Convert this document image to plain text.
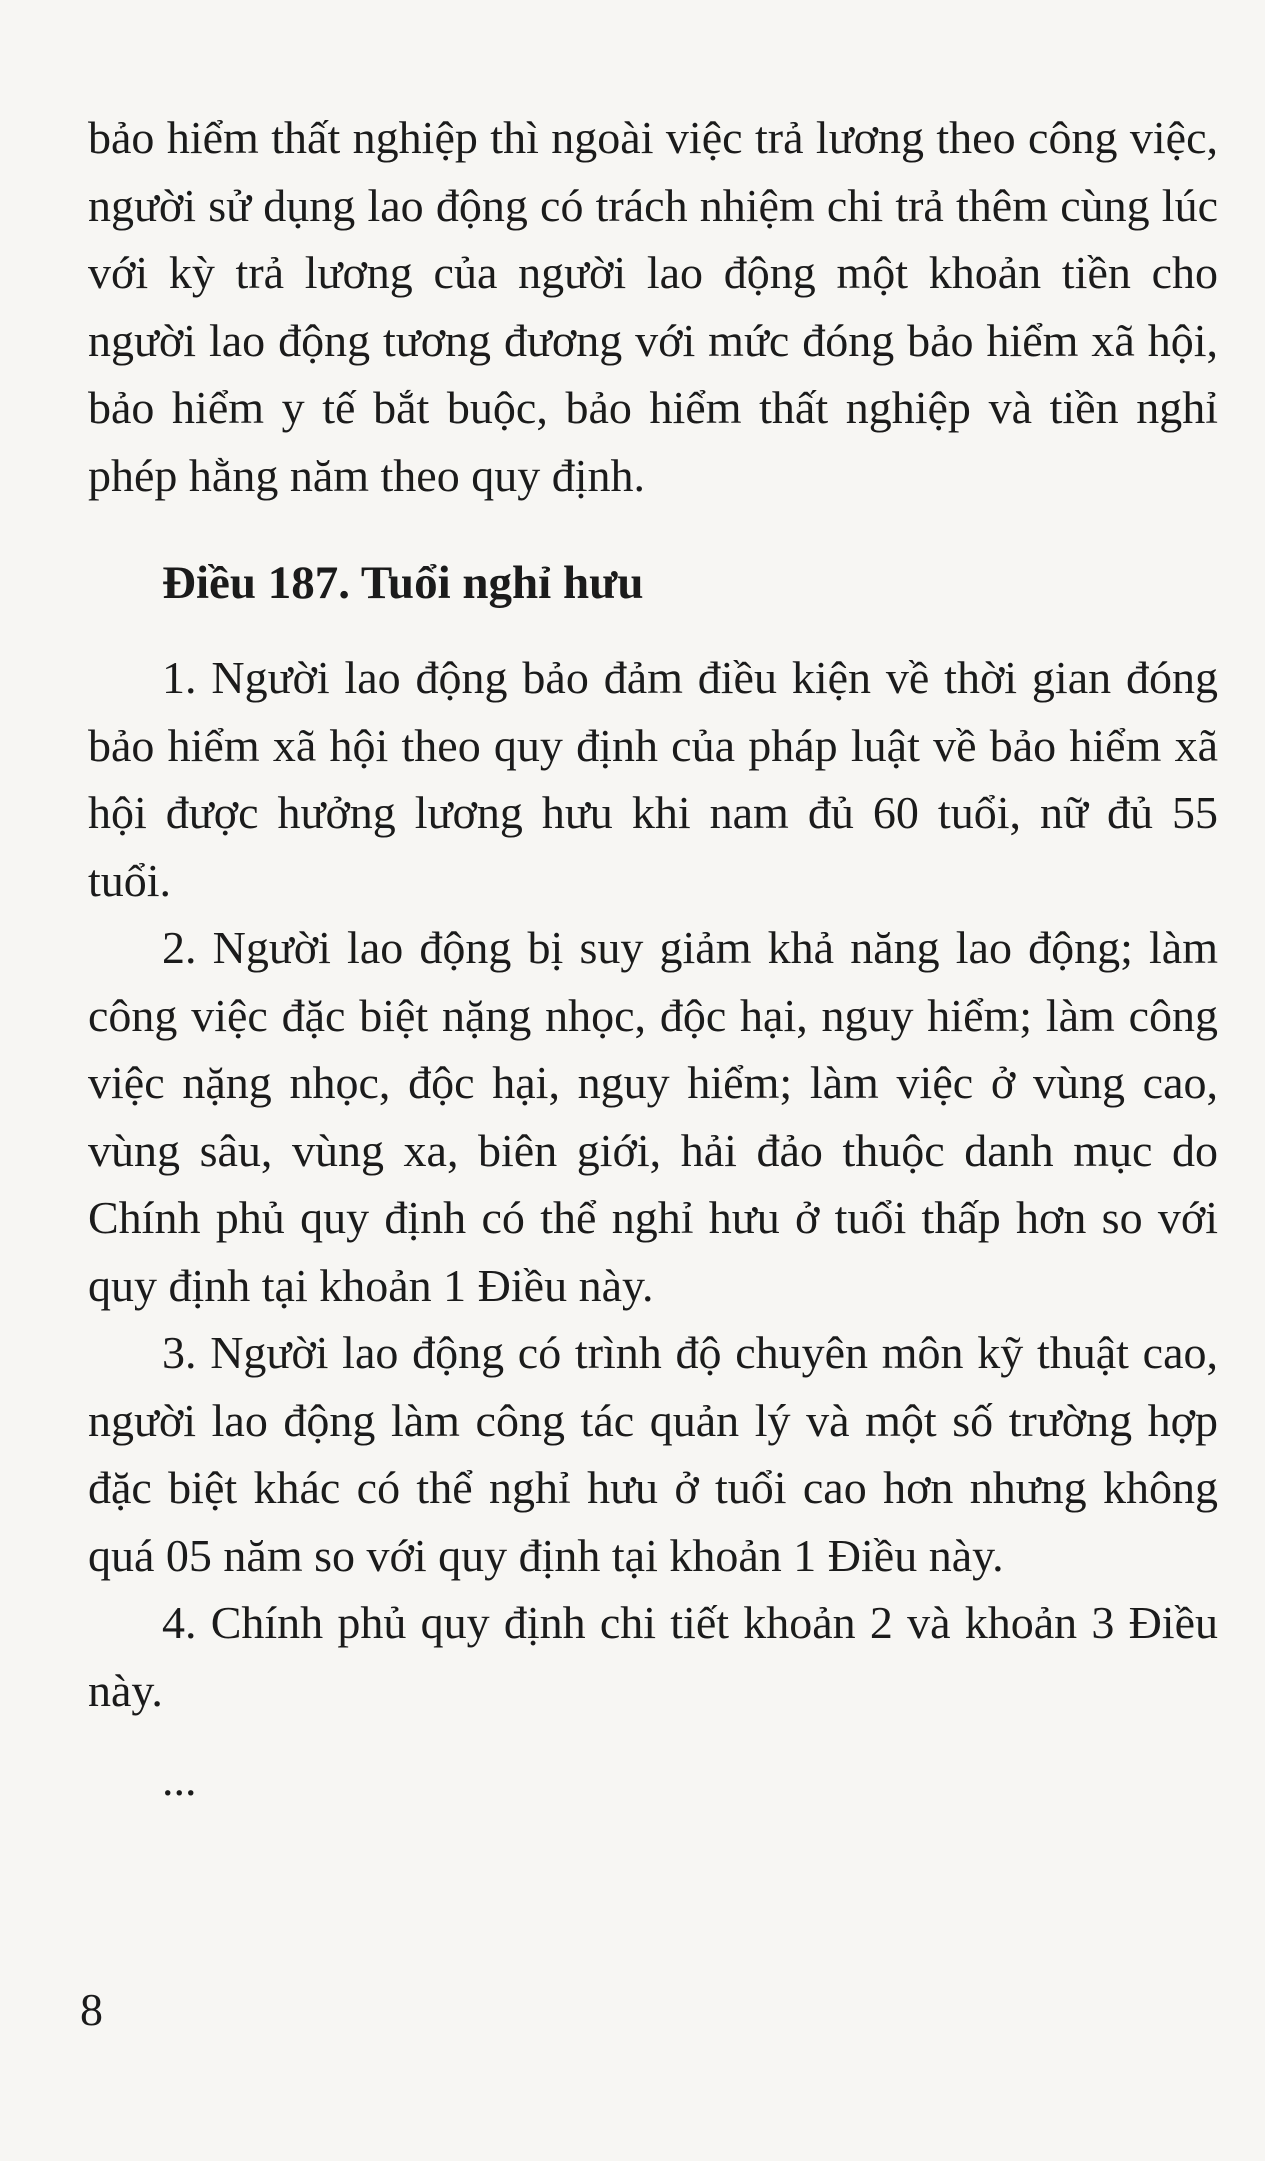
bảo hiểm thất nghiệp thì ngoài việc trả lương theo công việc, người sử dụng lao động có trách nhiệm chi trả thêm cùng lúc với kỳ trả lương của người lao động một khoản tiền cho người lao động tương đương với mức đóng bảo hiểm xã hội, bảo hiểm y tế bắt buộc, bảo hiểm thất nghiệp và tiền nghỉ phép hằng năm theo quy định.
Điều 187. Tuổi nghỉ hưu

1. Người lao động bảo đảm điều kiện về thời gian đóng bảo hiểm xã hội theo quy định của pháp luật về bảo hiểm xã hội được hưởng lương hưu khi nam đủ 60 tuổi, nữ đủ 55 tuổi.

2. Người lao động bị suy giảm khả năng lao động; làm công việc đặc biệt nặng nhọc, độc hại, nguy hiểm; làm công việc nặng nhọc, độc hại, nguy hiểm; làm việc ở vùng cao, vùng sâu, vùng xa, biên giới, hải đảo thuộc danh mục do Chính phủ quy định có thể nghỉ hưu ở tuổi thấp hơn so với quy định tại khoản 1 Điều này.

3. Người lao động có trình độ chuyên môn kỹ thuật cao, người lao động làm công tác quản lý và một số trường hợp đặc biệt khác có thể nghỉ hưu ở tuổi cao hơn nhưng không quá 05 năm so với quy định tại khoản 1 Điều này.

4. Chính phủ quy định chi tiết khoản 2 và khoản 3 Điều này.

...

8
